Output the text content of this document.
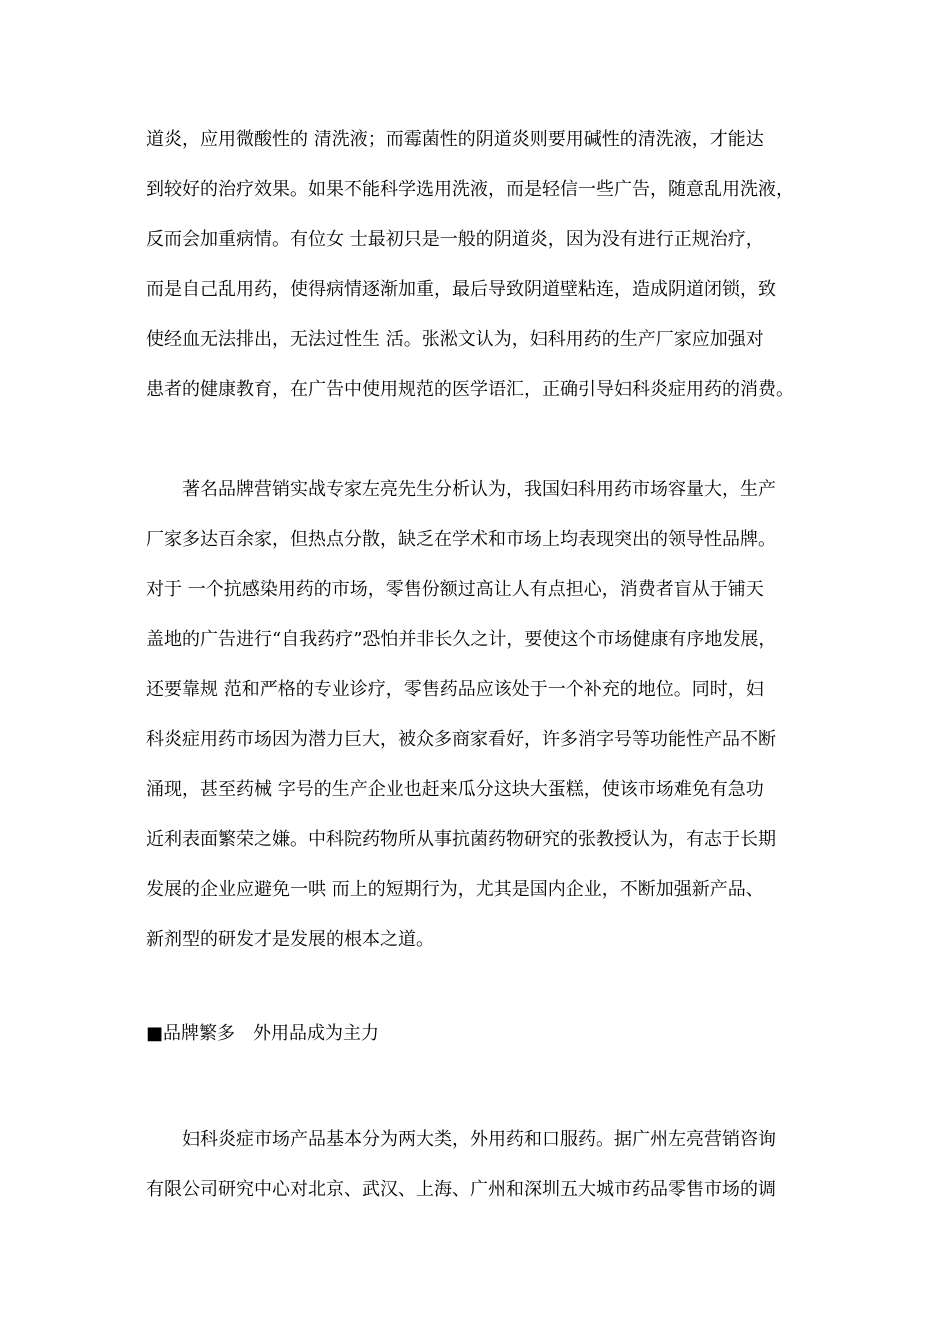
道炎，应用微酸性的 清洗液；而霉菌性的阴道炎则要用碱性的清洗液，才能达
到较好的治疗效果。如果不能科学选用洗液，而是轻信一些广告，随意乱用洗液，
反而会加重病情。有位女 士最初只是一般的阴道炎，因为没有进行正规治疗，
而是自己乱用药，使得病情逐渐加重，最后导致阴道壁粘连，造成阴道闭锁，致
使经血无法排出，无法过性生 活。张淞文认为，妇科用药的生产厂家应加强对
患者的健康教育，在广告中使用规范的医学语汇，正确引导妇科炎症用药的消费。
著名品牌营销实战专家左亮先生分析认为，我国妇科用药市场容量大，生产
厂家多达百余家，但热点分散，缺乏在学术和市场上均表现突出的领导性品牌。
对于 一个抗感染用药的市场，零售份额过高让人有点担心，消费者盲从于铺天
盖地的广告进行“自我药疗”恐怕并非长久之计，要使这个市场健康有序地发展，
还要靠规 范和严格的专业诊疗，零售药品应该处于一个补充的地位。同时，妇
科炎症用药市场因为潜力巨大，被众多商家看好，许多消字号等功能性产品不断
涌现，甚至药械 字号的生产企业也赶来瓜分这块大蛋糕，使该市场难免有急功
近利表面繁荣之嫌。中科院药物所从事抗菌药物研究的张教授认为，有志于长期
发展的企业应避免一哄 而上的短期行为，尤其是国内企业，不断加强新产品、
新剂型的研发才是发展的根本之道。
■品牌繁多　外用品成为主力
妇科炎症市场产品基本分为两大类，外用药和口服药。据广州左亮营销咨询
有限公司研究中心对北京、武汉、上海、广州和深圳五大城市药品零售市场的调
